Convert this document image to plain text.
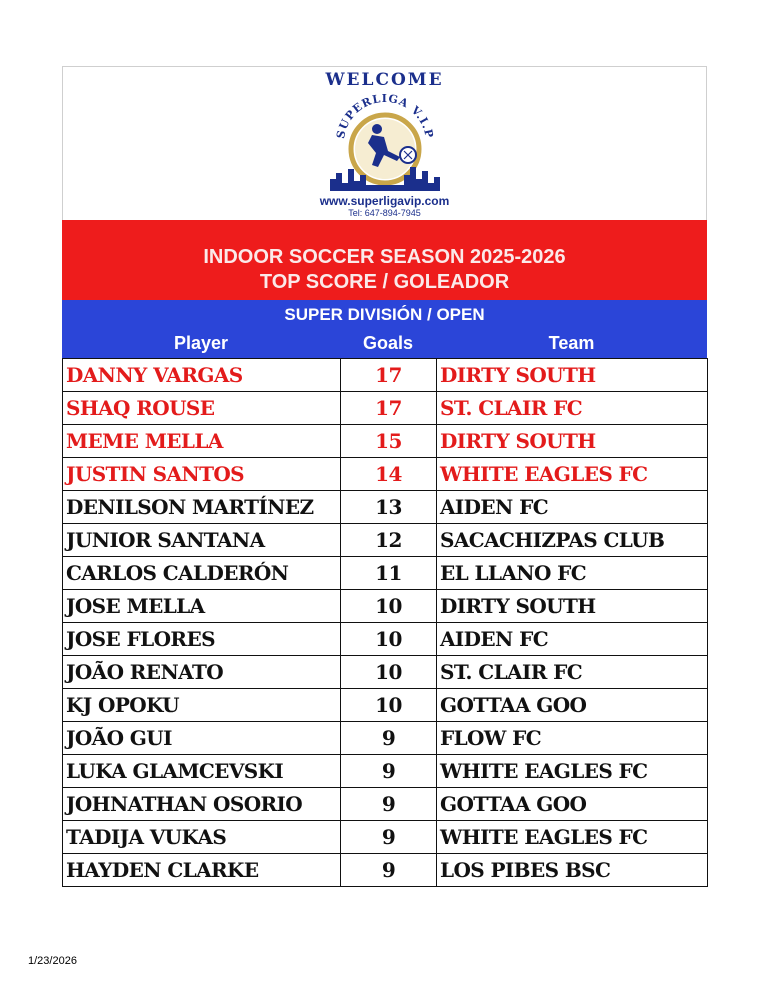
WELCOME
SUPERLIGA V.I.P
www.superligavip.com
Tel: 647-894-7945
INDOOR SOCCER SEASON 2025-2026
TOP SCORE / GOLEADOR
SUPER DIVISIÓN / OPEN
Player	Goals	Team
DANNY VARGAS	17	DIRTY SOUTH
SHAQ ROUSE	17	ST. CLAIR FC
MEME MELLA	15	DIRTY SOUTH
JUSTIN SANTOS	14	WHITE EAGLES FC
DENILSON MARTÍNEZ	13	AIDEN FC
JUNIOR SANTANA	12	SACACHIZPAS CLUB
CARLOS CALDERÓN	11	EL LLANO FC
JOSE MELLA	10	DIRTY SOUTH
JOSE FLORES	10	AIDEN FC
JOÃO RENATO	10	ST. CLAIR FC
KJ OPOKU	10	GOTTAA GOO
JOÃO GUI	9	FLOW FC
LUKA GLAMCEVSKI	9	WHITE EAGLES FC
JOHNATHAN OSORIO	9	GOTTAA GOO
TADIJA VUKAS	9	WHITE EAGLES FC
HAYDEN CLARKE	9	LOS PIBES BSC
1/23/2026
